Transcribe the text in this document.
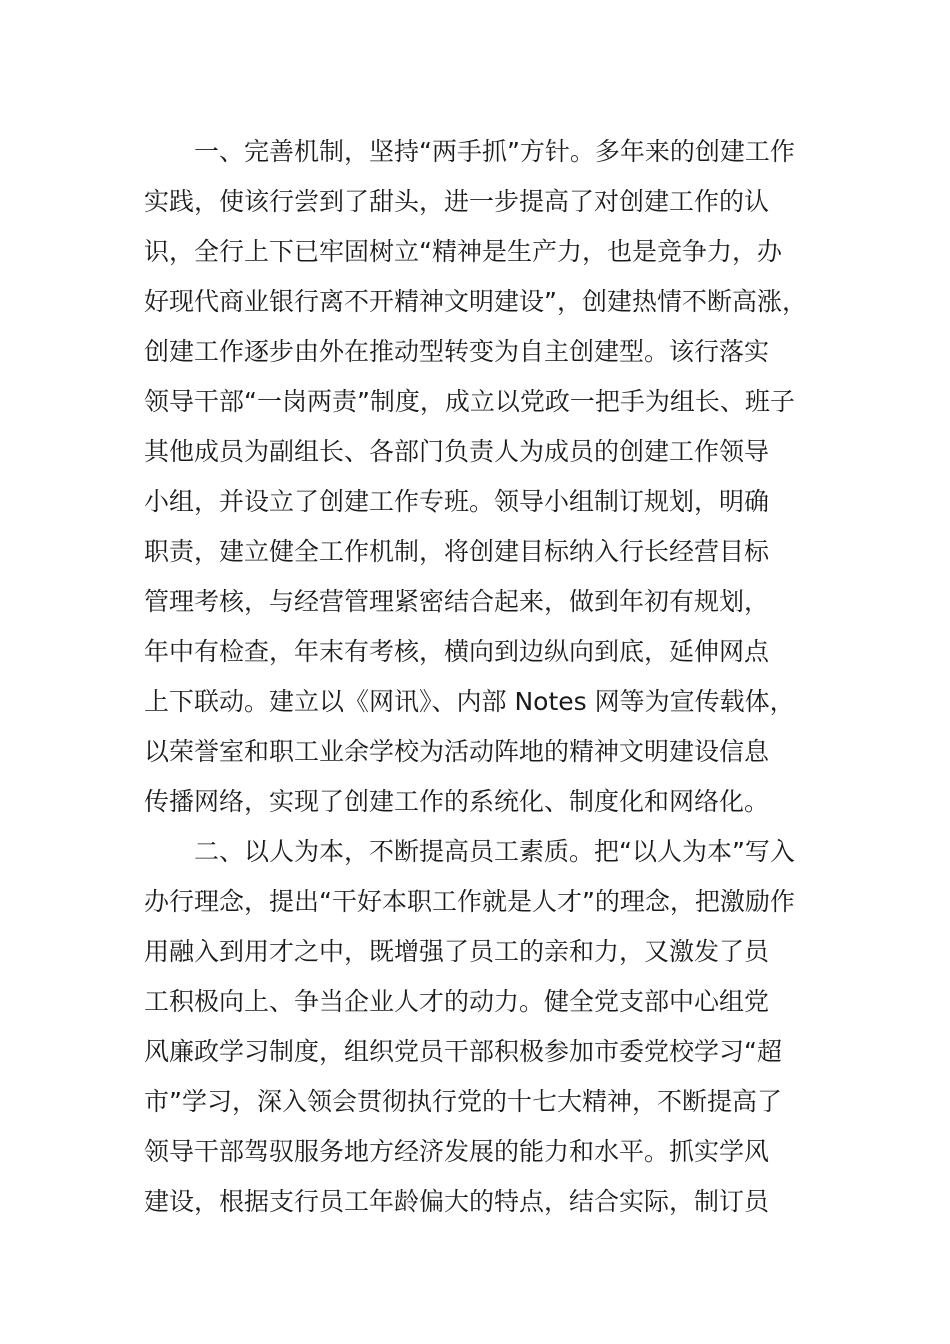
一、完善机制，坚持“两手抓”方针。多年来的创建工作
实践，使该行尝到了甜头，进一步提高了对创建工作的认
识，全行上下已牢固树立“精神是生产力，也是竞争力，办
好现代商业银行离不开精神文明建设”，创建热情不断高涨，
创建工作逐步由外在推动型转变为自主创建型。该行落实
领导干部“一岗两责”制度，成立以党政一把手为组长、班子
其他成员为副组长、各部门负责人为成员的创建工作领导
小组，并设立了创建工作专班。领导小组制订规划，明确
职责，建立健全工作机制，将创建目标纳入行长经营目标
管理考核，与经营管理紧密结合起来，做到年初有规划，
年中有检查，年末有考核，横向到边纵向到底，延伸网点
上下联动。建立以《网讯》、内部 Notes 网等为宣传载体，
以荣誉室和职工业余学校为活动阵地的精神文明建设信息
传播网络，实现了创建工作的系统化、制度化和网络化。
二、以人为本，不断提高员工素质。把“以人为本”写入
办行理念，提出“干好本职工作就是人才”的理念，把激励作
用融入到用才之中，既增强了员工的亲和力，又激发了员
工积极向上、争当企业人才的动力。健全党支部中心组党
风廉政学习制度，组织党员干部积极参加市委党校学习“超
市”学习，深入领会贯彻执行党的十七大精神，不断提高了
领导干部驾驭服务地方经济发展的能力和水平。抓实学风
建设，根据支行员工年龄偏大的特点，结合实际，制订员
